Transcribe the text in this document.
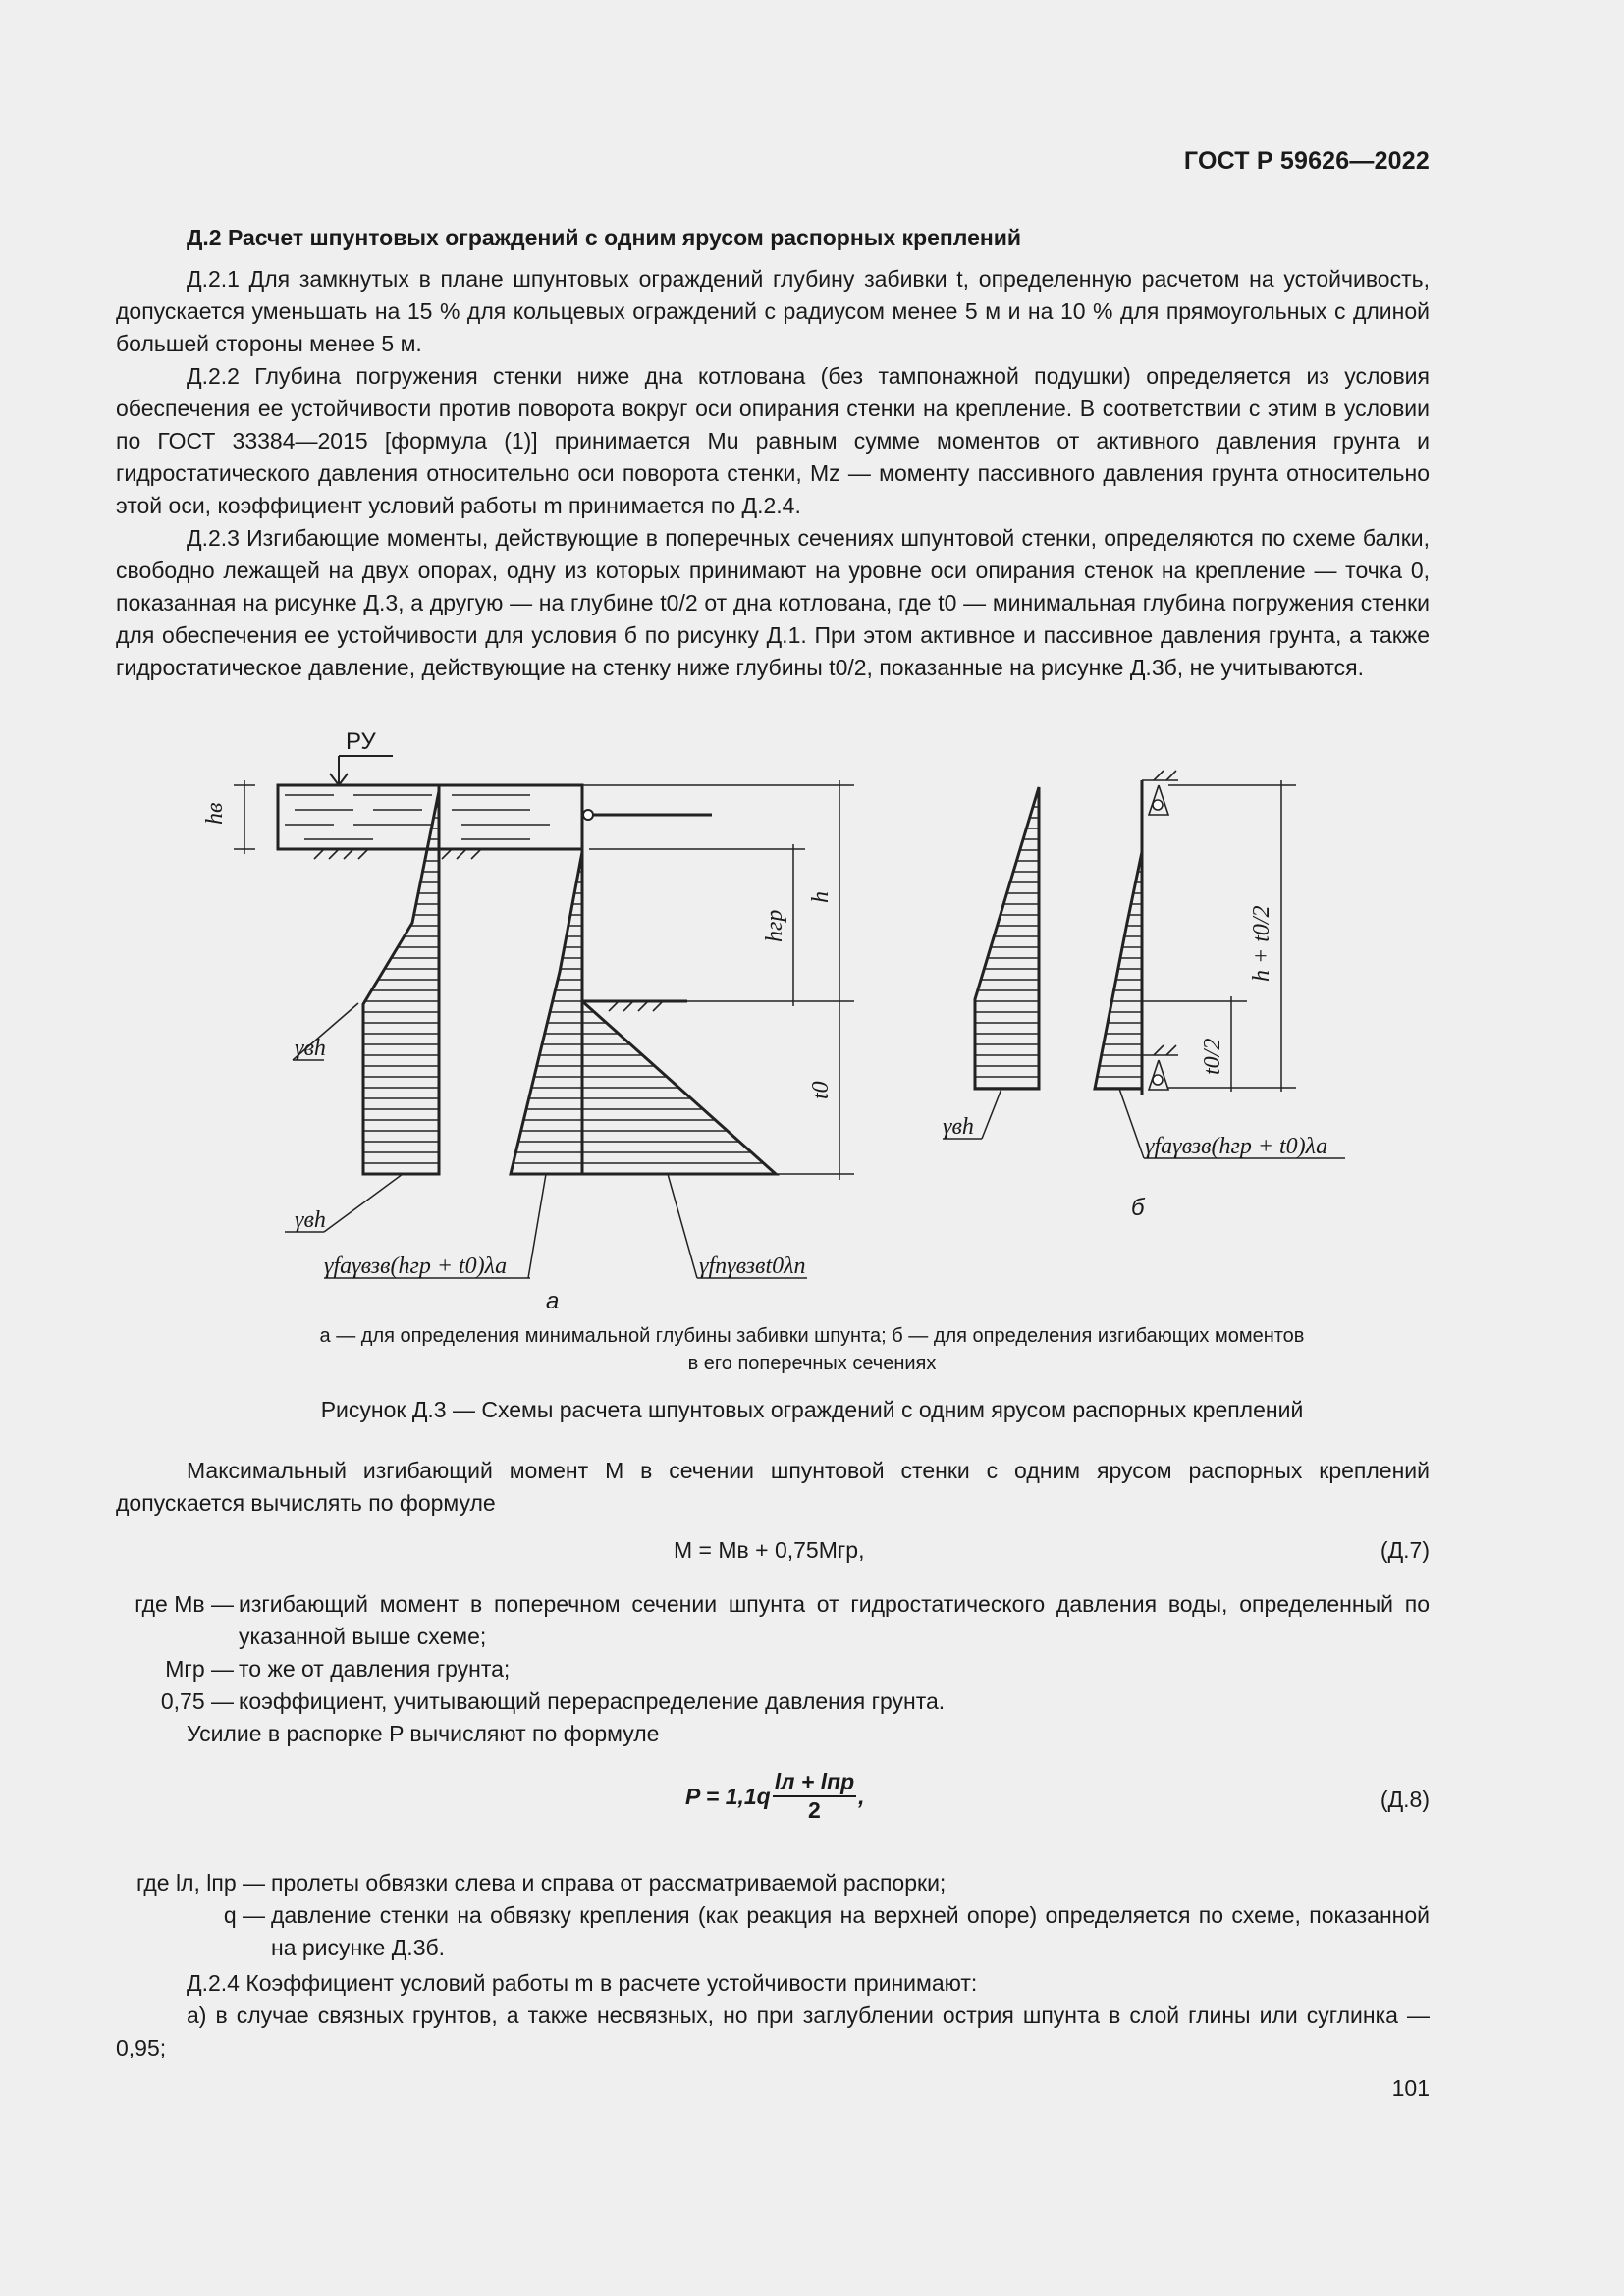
ГОСТ Р 59626—2022
Д.2 Расчет шпунтовых ограждений с одним ярусом распорных креплений

Д.2.1 Для замкнутых в плане шпунтовых ограждений глубину забивки t, определенную расчетом на устойчивость, допускается уменьшать на 15 % для кольцевых ограждений с радиусом менее 5 м и на 10 % для прямоугольных с длиной большей стороны менее 5 м.

Д.2.2 Глубина погружения стенки ниже дна котлована (без тампонажной подушки) определяется из условия обеспечения ее устойчивости против поворота вокруг оси опирания стенки на крепление. В соответствии с этим в условии по ГОСТ 33384—2015 [формула (1)] принимается Mu равным сумме моментов от активного давления грунта и гидростатического давления относительно оси поворота стенки, Mz — моменту пассивного давления грунта относительно этой оси, коэффициент условий работы m принимается по Д.2.4.

Д.2.3 Изгибающие моменты, действующие в поперечных сечениях шпунтовой стенки, определяются по схеме балки, свободно лежащей на двух опорах, одну из которых принимают на уровне оси опирания стенок на крепление — точка 0, показанная на рисунке Д.3, а другую — на глубине t0/2 от дна котлована, где t0 — минимальная глубина погружения стенки для обеспечения ее устойчивости для условия б по рисунку Д.1. При этом активное и пассивное давления грунта, а также гидростатическое давление, действующие на стенку ниже глубины t0/2, показанные на рисунке Д.3б, не учитываются.

РУ
hв
hгр
h
t0
γвh
γвh
γfaγвзв(hгр + t0)λa	γfnγвзвt0λn
γвh
γfaγвзв(hгр + t0)λa
h + t0/2
t0/2
а
б
а — для определения минимальной глубины забивки шпунта; б — для определения изгибающих моментов
в его поперечных сечениях
Рисунок Д.3 — Схемы расчета шпунтовых ограждений с одним ярусом распорных креплений

Максимальный изгибающий момент M в сечении шпунтовой стенки с одним ярусом распорных креплений допускается вычислять по формуле

M = Mв + 0,75Mгр,	(Д.7)
где Mв — изгибающий момент в поперечном сечении шпунта от гидростатического давления воды, определенный по указанной выше схеме;
Mгр — то же от давления грунта;
0,75 — коэффициент, учитывающий перераспределение давления грунта.

Усилие в распорке P вычисляют по формуле

P = 1,1q
lл + lпр
2
,	(Д.8)
где lл, lпр — пролеты обвязки слева и справа от рассматриваемой распорки;
q — давление стенки на обвязку крепления (как реакция на верхней опоре) определяется по схеме, показанной на рисунке Д.3б.

Д.2.4 Коэффициент условий работы m в расчете устойчивости принимают:

а) в случае связных грунтов, а также несвязных, но при заглублении острия шпунта в слой глины или суглинка — 0,95;

101
